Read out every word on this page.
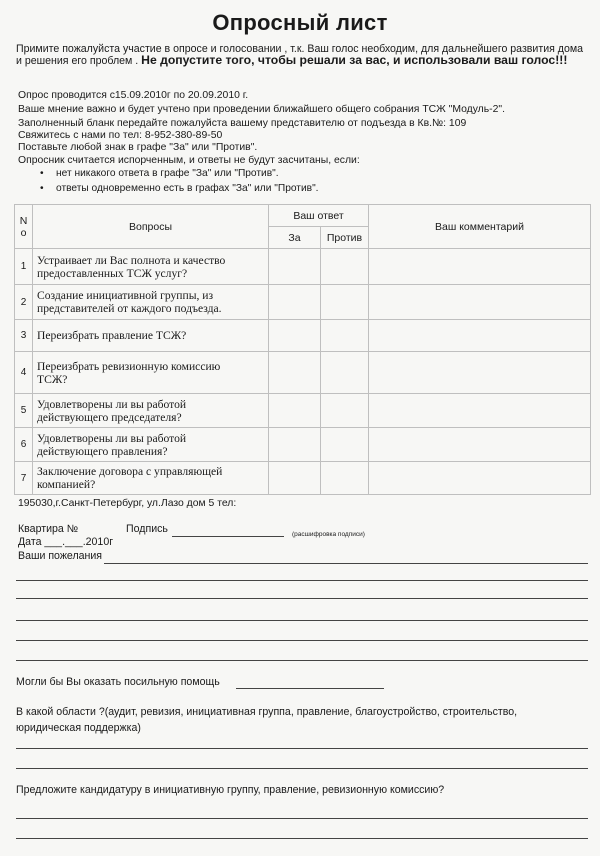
Опросный лист
Примите пожалуйста участие в опросе и голосовании , т.к. Ваш голос необходим, для дальнейшего развития дома и решения его проблем . Не допустите того, чтобы решали за вас, и использовали ваш голос!!!
Опрос проводится с15.09.2010г по 20.09.2010 г.
Ваше мнение важно и будет учтено при проведении ближайшего общего собрания ТСЖ "Модуль-2".
Заполненный бланк передайте пожалуйста вашему представителю от подъезда в Кв.№: 109
Свяжитесь с нами по тел: 8-952-380-89-50
Поставьте любой знак в графе "За" или "Против".
Опросник считается испорченным, и ответы не будут засчитаны, если:
• нет никакого ответа в графе "За" или "Против".
• ответы одновременно есть в графах "За" или "Против".
N
o	Вопросы	Ваш ответ		Ваш комментарий
		За	Против	
1	Устраивает ли Вас полнота и качество
предоставленных ТСЖ услуг?			
2	Создание инициативной группы, из
представителей от каждого подъезда.			
3	Переизбрать правление ТСЖ?			
4	Переизбрать ревизионную комиссию
ТСЖ?			
5	Удовлетворены ли вы работой
действующего председателя?			
6	Удовлетворены ли вы работой
действующего правления?			
7	Заключение договора с управляющей
компанией?			
195030,г.Санкт-Петербург, ул.Лазо дом 5 тел:
Квартира №	Подпись	(расшифровка подписи)
Дата ___.___.2010г
Ваши пожелания
Могли бы Вы оказать посильную помощь
В какой области ?(аудит, ревизия, инициативная группа, правление, благоустройство, строительство, юридическая поддержка)
Предложите кандидатуру в инициативную группу, правление, ревизионную комиссию?
